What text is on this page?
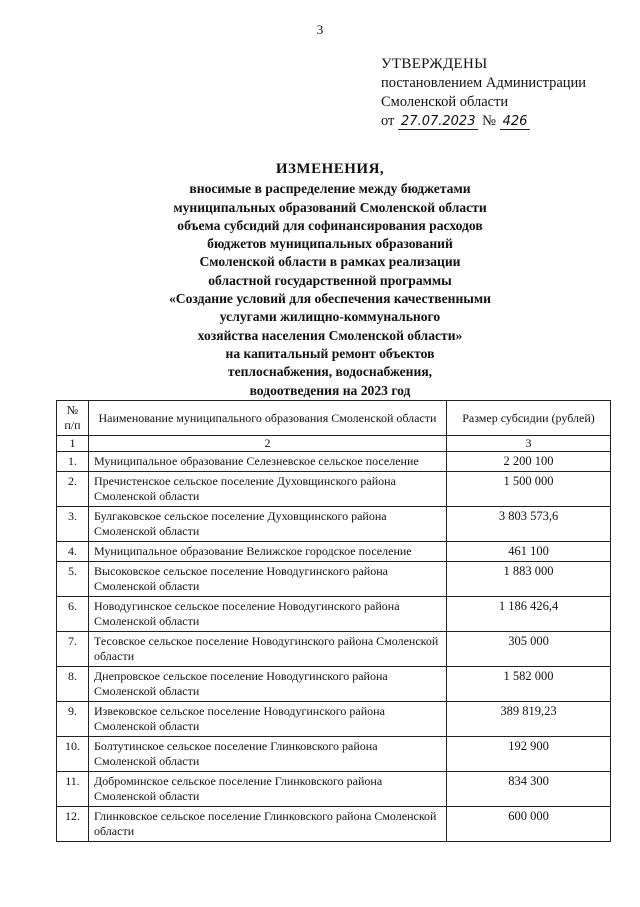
3
УТВЕРЖДЕНЫ
постановлением Администрации
Смоленской области
от 27.07.2023 № 426
ИЗМЕНЕНИЯ,
вносимые в распределение между бюджетами
муниципальных образований Смоленской области
объема субсидий для софинансирования расходов
бюджетов муниципальных образований
Смоленской области в рамках реализации
областной государственной программы
«Создание условий для обеспечения качественными
услугами жилищно-коммунального
хозяйства населения Смоленской области»
на капитальный ремонт объектов
теплоснабжения, водоснабжения,
водоотведения на 2023 год
№ п/п	Наименование муниципального образования Смоленской области	Размер субсидии (рублей)
1	2	3
1.	Муниципальное образование Селезневское сельское поселение	2 200 100
2.	Пречистенское сельское поселение Духовщинского района Смоленской области	1 500 000
3.	Булгаковское сельское поселение Духовщинского района Смоленской области	3 803 573,6
4.	Муниципальное образование Велижское городское поселение	461 100
5.	Высоковское сельское поселение Новодугинского района Смоленской области	1 883 000
6.	Новодугинское сельское поселение Новодугинского района Смоленской области	1 186 426,4
7.	Тесовское сельское поселение Новодугинского района Смоленской области	305 000
8.	Днепровское сельское поселение Новодугинского района Смоленской области	1 582 000
9.	Извековское сельское поселение Новодугинского района Смоленской области	389 819,23
10.	Болтутинское сельское поселение Глинковского района Смоленской области	192 900
11.	Доброминское сельское поселение Глинковского района Смоленской области	834 300
12.	Глинковское сельское поселение Глинковского района Смоленской области	600 000
